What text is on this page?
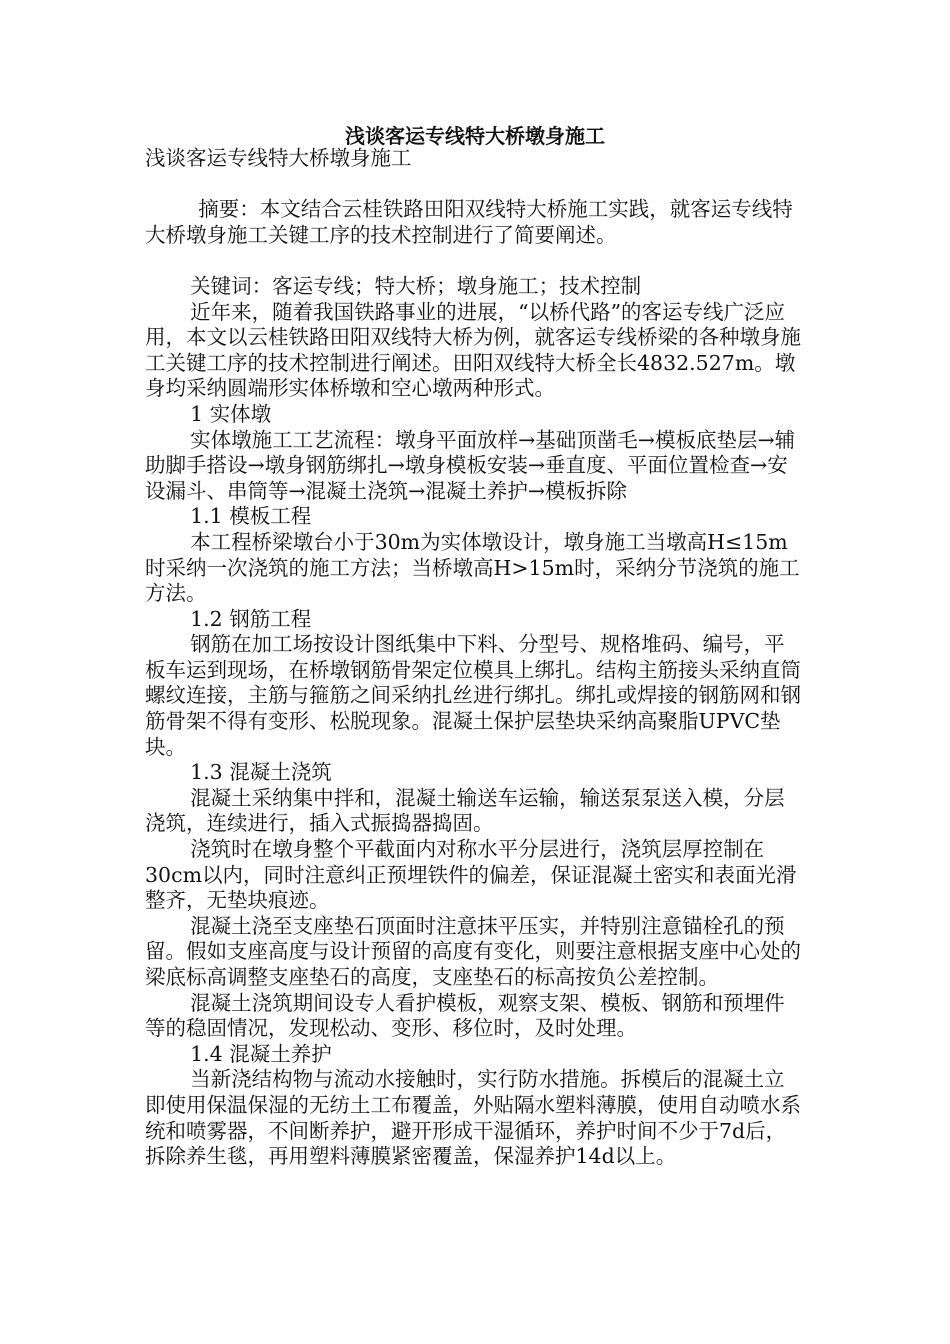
浅谈客运专线特大桥墩身施工

浅谈客运专线特大桥墩身施工

摘要：本文结合云桂铁路田阳双线特大桥施工实践，就客运专线特大桥墩身施工关键工序的技术控制进行了简要阐述。

关键词：客运专线；特大桥；墩身施工；技术控制

近年来，随着我国铁路事业的进展，“以桥代路”的客运专线广泛应用，本文以云桂铁路田阳双线特大桥为例，就客运专线桥梁的各种墩身施工关键工序的技术控制进行阐述。田阳双线特大桥全长4832.527m。墩身均采纳圆端形实体桥墩和空心墩两种形式。

1 实体墩

实体墩施工工艺流程：墩身平面放样→基础顶凿毛→模板底垫层→辅助脚手搭设→墩身钢筋绑扎→墩身模板安装→垂直度、平面位置检查→安设漏斗、串筒等→混凝土浇筑→混凝土养护→模板拆除

1.1 模板工程

本工程桥梁墩台小于30m为实体墩设计，墩身施工当墩高H≤15m时采纳一次浇筑的施工方法；当桥墩高H>15m时，采纳分节浇筑的施工方法。

1.2 钢筋工程

钢筋在加工场按设计图纸集中下料、分型号、规格堆码、编号，平板车运到现场，在桥墩钢筋骨架定位模具上绑扎。结构主筋接头采纳直筒螺纹连接，主筋与箍筋之间采纳扎丝进行绑扎。绑扎或焊接的钢筋网和钢筋骨架不得有变形、松脱现象。混凝土保护层垫块采纳高聚脂UPVC垫块。

1.3 混凝土浇筑

混凝土采纳集中拌和，混凝土输送车运输，输送泵泵送入模，分层浇筑，连续进行，插入式振捣器捣固。

浇筑时在墩身整个平截面内对称水平分层进行，浇筑层厚控制在30cm以内，同时注意纠正预埋铁件的偏差，保证混凝土密实和表面光滑整齐，无垫块痕迹。

混凝土浇至支座垫石顶面时注意抹平压实，并特别注意锚栓孔的预留。假如支座高度与设计预留的高度有变化，则要注意根据支座中心处的梁底标高调整支座垫石的高度，支座垫石的标高按负公差控制。

混凝土浇筑期间设专人看护模板，观察支架、模板、钢筋和预埋件等的稳固情况，发现松动、变形、移位时，及时处理。

1.4 混凝土养护

当新浇结构物与流动水接触时，实行防水措施。拆模后的混凝土立即使用保温保湿的无纺土工布覆盖，外贴隔水塑料薄膜，使用自动喷水系统和喷雾器，不间断养护，避开形成干湿循环，养护时间不少于7d后，拆除养生毯，再用塑料薄膜紧密覆盖，保湿养护14d以上。
